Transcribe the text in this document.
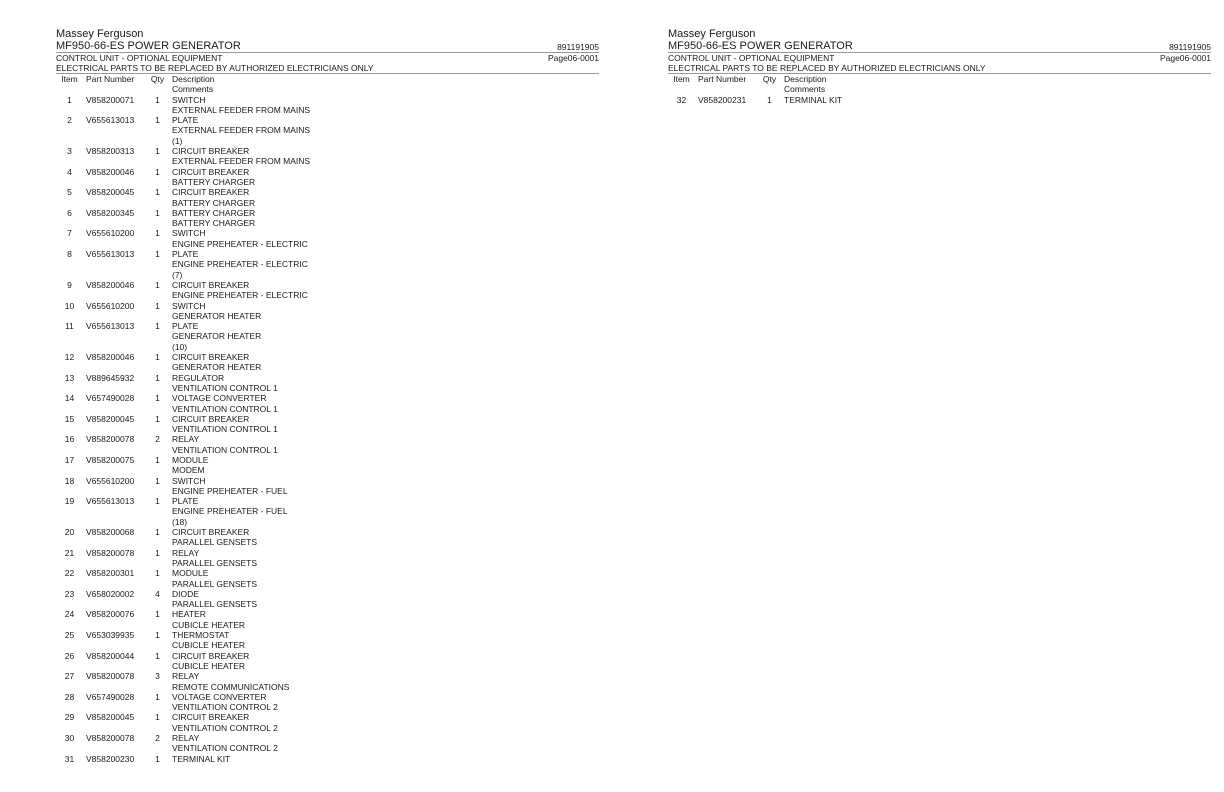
Massey Ferguson
MF950-66-ES POWER GENERATOR	891191905
CONTROL UNIT - OPTIONAL EQUIPMENT	Page06-0001
ELECTRICAL PARTS TO BE REPLACED BY AUTHORIZED ELECTRICIANS ONLY
Item	Part Number	Qty	Description
Comments

1	V858200071	1	SWITCH
EXTERNAL FEEDER FROM MAINS

2	V655613013	1	PLATE
EXTERNAL FEEDER FROM MAINS
(1)

3	V858200313	1	CIRCUIT BREAKER
EXTERNAL FEEDER FROM MAINS

4	V858200046	1	CIRCUIT BREAKER
BATTERY CHARGER

5	V858200045	1	CIRCUIT BREAKER
BATTERY CHARGER

6	V858200345	1	BATTERY CHARGER
BATTERY CHARGER

7	V655610200	1	SWITCH
ENGINE PREHEATER - ELECTRIC

8	V655613013	1	PLATE
ENGINE PREHEATER - ELECTRIC
(7)

9	V858200046	1	CIRCUIT BREAKER
ENGINE PREHEATER - ELECTRIC

10	V655610200	1	SWITCH
GENERATOR HEATER

11	V655613013	1	PLATE
GENERATOR HEATER
(10)

12	V858200046	1	CIRCUIT BREAKER
GENERATOR HEATER

13	V889645932	1	REGULATOR
VENTILATION CONTROL 1

14	V657490028	1	VOLTAGE CONVERTER
VENTILATION CONTROL 1

15	V858200045	1	CIRCUIT BREAKER
VENTILATION CONTROL 1

16	V858200078	2	RELAY
VENTILATION CONTROL 1

17	V858200075	1	MODULE
MODEM

18	V655610200	1	SWITCH
ENGINE PREHEATER - FUEL

19	V655613013	1	PLATE
ENGINE PREHEATER - FUEL
(18)

20	V858200068	1	CIRCUIT BREAKER
PARALLEL GENSETS

21	V858200078	1	RELAY
PARALLEL GENSETS

22	V858200301	1	MODULE
PARALLEL GENSETS

23	V658020002	4	DIODE
PARALLEL GENSETS

24	V858200076	1	HEATER
CUBICLE HEATER

25	V653039935	1	THERMOSTAT
CUBICLE HEATER

26	V858200044	1	CIRCUIT BREAKER
CUBICLE HEATER

27	V858200078	3	RELAY
REMOTE COMMUNICATIONS

28	V657490028	1	VOLTAGE CONVERTER
VENTILATION CONTROL 2

29	V858200045	1	CIRCUIT BREAKER
VENTILATION CONTROL 2

30	V858200078	2	RELAY
VENTILATION CONTROL 2

31	V858200230	1	TERMINAL KIT
Massey Ferguson
MF950-66-ES POWER GENERATOR	891191905
CONTROL UNIT - OPTIONAL EQUIPMENT	Page06-0001
ELECTRICAL PARTS TO BE REPLACED BY AUTHORIZED ELECTRICIANS ONLY
Item	Part Number	Qty	Description
Comments

32	V858200231	1	TERMINAL KIT
